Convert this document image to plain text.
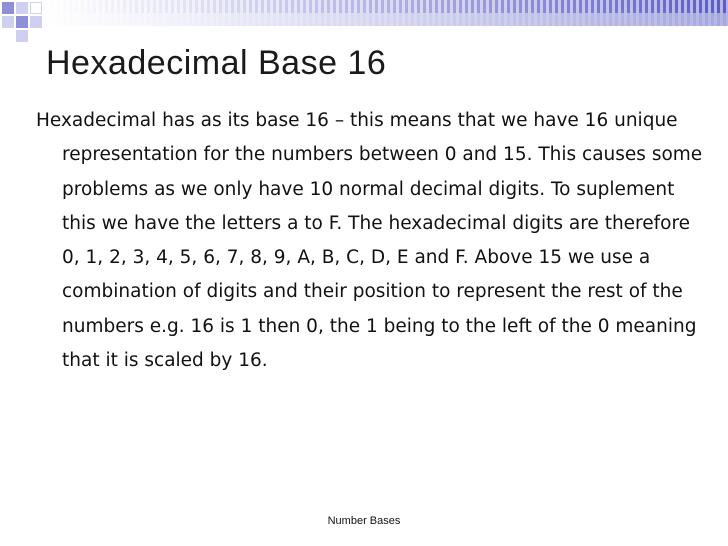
Hexadecimal Base 16

Hexadecimal has as its base 16 – this means that we have 16 unique representation for the numbers between 0 and 15. This causes some problems as we only have 10 normal decimal digits. To suplement this we have the letters a to F. The hexadecimal digits are therefore 0, 1, 2, 3, 4, 5, 6, 7, 8, 9, A, B, C, D, E and F. Above 15 we use a combination of digits and their position to represent the rest of the numbers e.g. 16 is 1 then 0, the 1 being to the left of the 0 meaning that it is scaled by 16.

Number Bases
